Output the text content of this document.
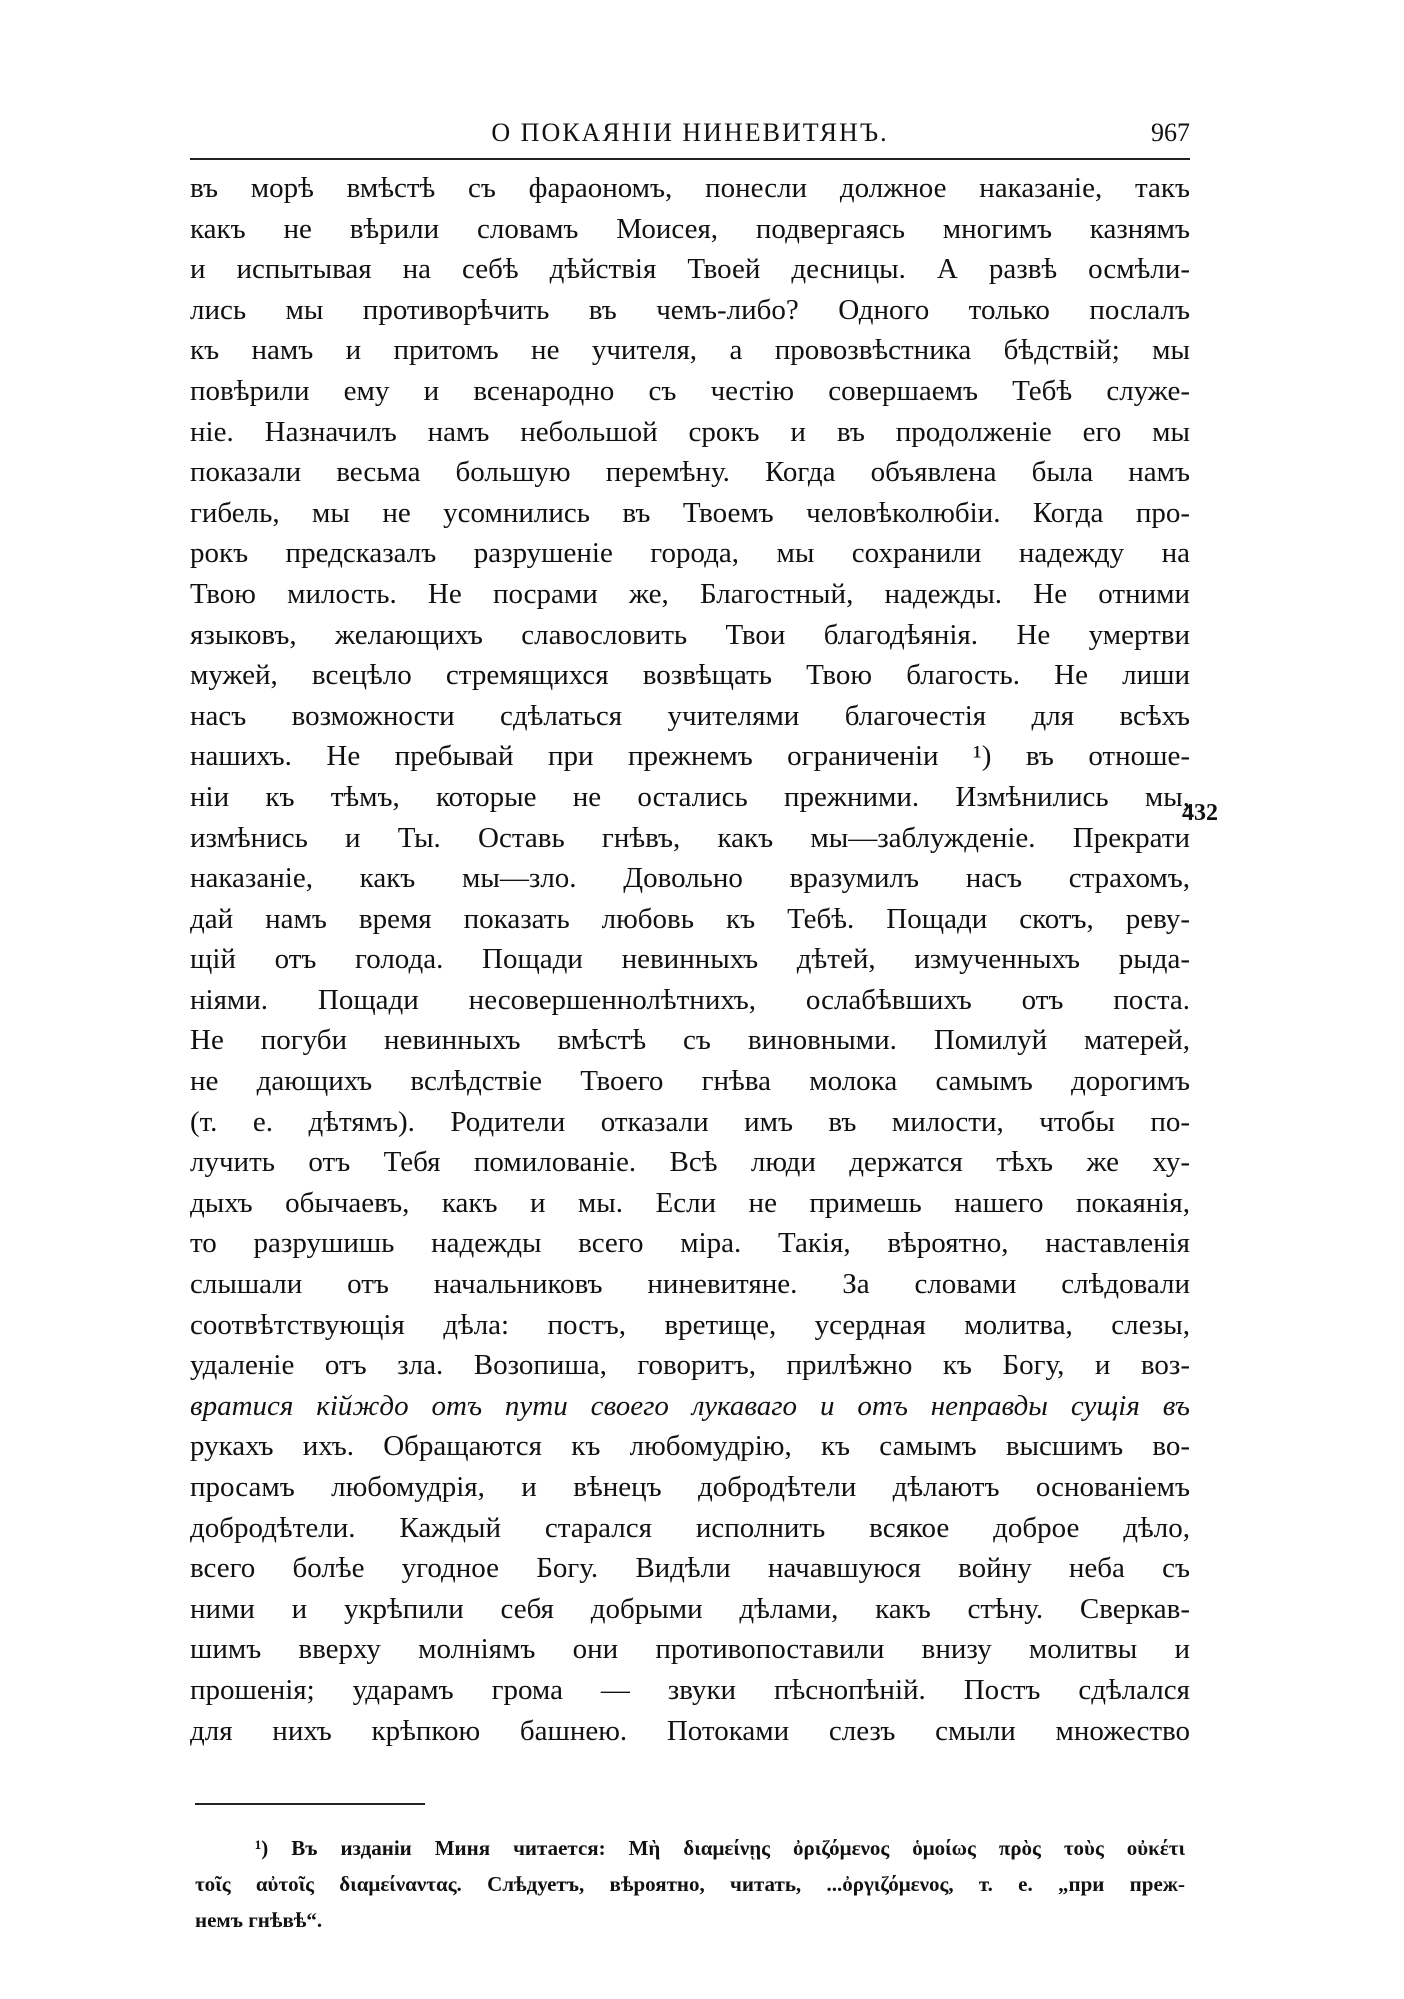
О ПОКАЯНІИ НИНЕВИТЯНЪ.	967
въ морѣ вмѣстѣ съ фараономъ, понесли должное наказаніе, такъ
какъ не вѣрили словамъ Моисея, подвергаясь многимъ казнямъ
и испытывая на себѣ дѣйствія Твоей десницы. А развѣ осмѣли-
лись мы противорѣчить въ чемъ-либо? Одного только послалъ
къ намъ и притомъ не учителя, а провозвѣстника бѣдствій; мы
повѣрили ему и всенародно съ честію совершаемъ Тебѣ служе-
ніе. Назначилъ намъ небольшой срокъ и въ продолженіе его мы
показали весьма большую перемѣну. Когда объявлена была намъ
гибель, мы не усомнились въ Твоемъ человѣколюбіи. Когда про-
рокъ предсказалъ разрушеніе города, мы сохранили надежду на
Твою милость. Не посрами же, Благостный, надежды. Не отними
языковъ, желающихъ славословить Твои благодѣянія. Не умертви
мужей, всецѣло стремящихся возвѣщать Твою благость. Не лиши
насъ возможности сдѣлаться учителями благочестія для всѣхъ
нашихъ. Не пребывай при прежнемъ ограниченіи ¹) въ отноше-
ніи къ тѣмъ, которые не остались прежними. Измѣнились мы,
измѣнись и Ты. Оставь гнѣвъ, какъ мы—заблужденіе. Прекрати
наказаніе, какъ мы—зло. Довольно вразумилъ насъ страхомъ,
дай намъ время показать любовь къ Тебѣ. Пощади скотъ, реву-
щій отъ голода. Пощади невинныхъ дѣтей, измученныхъ рыда-
ніями. Пощади несовершеннолѣтнихъ, ослабѣвшихъ отъ поста.
Не погуби невинныхъ вмѣстѣ съ виновными. Помилуй матерей,
не дающихъ вслѣдствіе Твоего гнѣва молока самымъ дорогимъ
(т. е. дѣтямъ). Родители отказали имъ въ милости, чтобы по-
лучить отъ Тебя помилованіе. Всѣ люди держатся тѣхъ же ху-
дыхъ обычаевъ, какъ и мы. Если не примешь нашего покаянія,
то разрушишь надежды всего міра. Такія, вѣроятно, наставленія
слышали отъ начальниковъ ниневитяне. За словами слѣдовали
соотвѣтствующія дѣла: постъ, вретище, усердная молитва, слезы,
удаленіе отъ зла. Возопиша, говоритъ, прилѣжно къ Богу, и воз-
вратися кійждо отъ пути своего лукаваго и отъ неправды сущія въ
рукахъ ихъ. Обращаются къ любомудрію, къ самымъ высшимъ во-
просамъ любомудрія, и вѣнецъ добродѣтели дѣлаютъ основаніемъ
добродѣтели. Каждый старался исполнить всякое доброе дѣло,
всего болѣе угодное Богу. Видѣли начавшуюся войну неба съ
ними и укрѣпили себя добрыми дѣлами, какъ стѣну. Сверкав-
шимъ вверху молніямъ они противопоставили внизу молитвы и
прошенія; ударамъ грома — звуки пѣснопѣній. Постъ сдѣлался
для нихъ крѣпкою башнею. Потоками слезъ смыли множество
432
¹) Въ изданіи Миня читается: Μὴ διαμείνῃς ὀριζόμενος ὁμοίως πρὸς τοὺς οὐκέτι
τοῖς αὐτοῖς διαμείναντας. Слѣдуетъ, вѣроятно, читать, ...ὀργιζόμενος, т. е. „при преж-
немъ гнѣвѣ“.
